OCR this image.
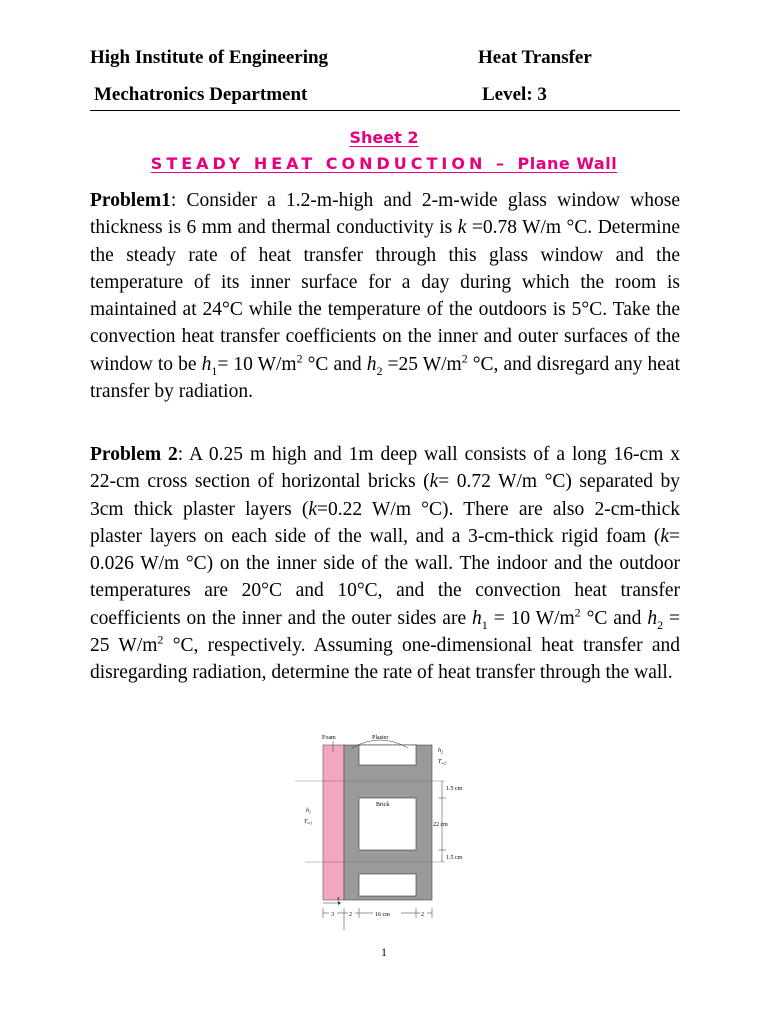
High Institute of Engineering	Heat Transfer
Mechatronics Department	Level: 3
Sheet 2
STEADY HEAT CONDUCTION – Plane Wall

Problem1: Consider a 1.2-m-high and 2-m-wide glass window whose thickness is 6 mm and thermal conductivity is k =0.78 W/m °C. Determine the steady rate of heat transfer through this glass window and the temperature of its inner surface for a day during which the room is maintained at 24°C while the temperature of the outdoors is 5°C. Take the convection heat transfer coefficients on the inner and outer surfaces of the window to be $h_1= 10$ $W/m^2$ °C and $h_2 =25$ $W/m^2$ °C, and disregard any heat transfer by radiation.

Problem 2: A 0.25 m high and 1m deep wall consists of a long 16-cm x 22-cm cross section of horizontal bricks (k= 0.72 W/m °C) separated by 3cm thick plaster layers (k=0.22 W/m °C). There are also 2-cm-thick plaster layers on each side of the wall, and a 3-cm-thick rigid foam (k= 0.026 W/m °C) on the inner side of the wall. The indoor and the outdoor temperatures are 20°C and 10°C, and the convection heat transfer coefficients on the inner and the outer sides are $h_1 = 10$ $W/m^2$ °C and $h_2 = 25$ $W/m^2$ °C, respectively. Assuming one-dimensional heat transfer and disregarding radiation, determine the rate of heat transfer through the wall.

Foam	Plaster
Brick
$h_2$
$T_{\infty 2}$
$h_1$
$T_{\infty 1}$
1.5 cm
22 cm
1.5 cm
x
3	2	16 cm	2
1
